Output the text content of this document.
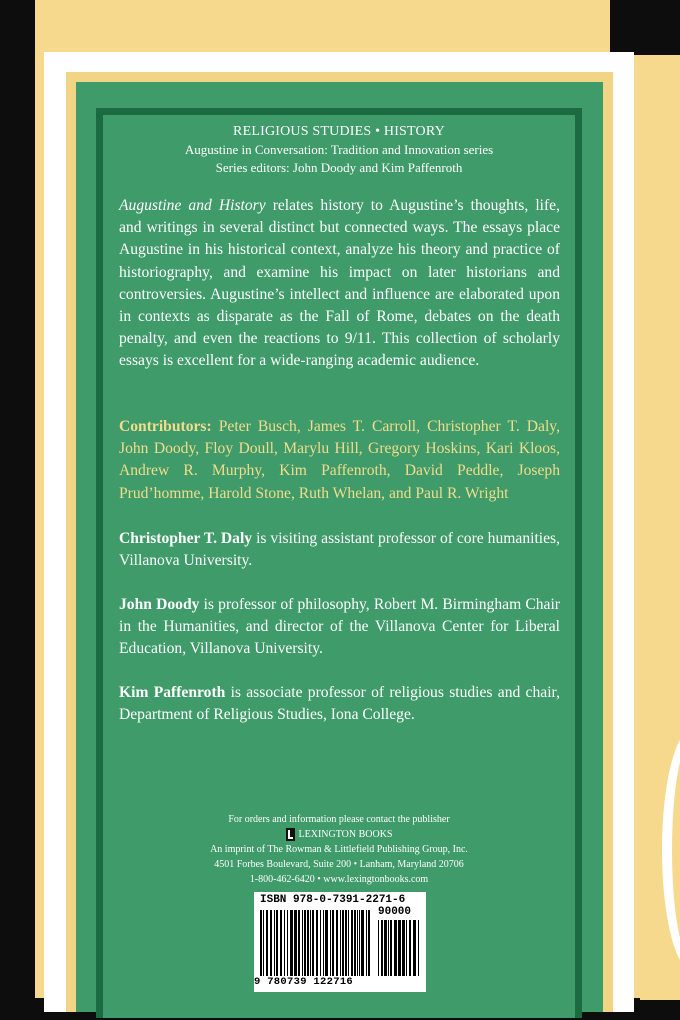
RELIGIOUS STUDIES • HISTORY
Augustine in Conversation: Tradition and Innovation series
Series editors: John Doody and Kim Paffenroth

Augustine and History relates history to Augustine’s thoughts, life, and writings in several distinct but connected ways. The essays place Augustine in his historical context, analyze his theory and practice of historiography, and examine his impact on later historians and controversies. Augustine’s intellect and influence are elaborated upon in contexts as disparate as the Fall of Rome, debates on the death penalty, and even the reactions to 9/11. This collection of scholarly essays is excellent for a wide-ranging academic audience.

Contributors: Peter Busch, James T. Carroll, Christopher T. Daly, John Doody, Floy Doull, Marylu Hill, Gregory Hoskins, Kari Kloos, Andrew R. Murphy, Kim Paffenroth, David Peddle, Joseph Prud’homme, Harold Stone, Ruth Whelan, and Paul R. Wright

Christopher T. Daly is visiting assistant professor of core humanities, Villanova University.

John Doody is professor of philosophy, Robert M. Birmingham Chair in the Humanities, and director of the Villanova Center for Liberal Education, Villanova University.

Kim Paffenroth is associate professor of religious studies and chair, Department of Religious Studies, Iona College.

For orders and information please contact the publisher
LEXINGTON BOOKS
An imprint of The Rowman & Littlefield Publishing Group, Inc.
4501 Forbes Boulevard, Suite 200 • Lanham, Maryland 20706
1-800-462-6420 • www.lexingtonbooks.com
ISBN 978-0-7391-2271-6
90000
9 780739 122716
